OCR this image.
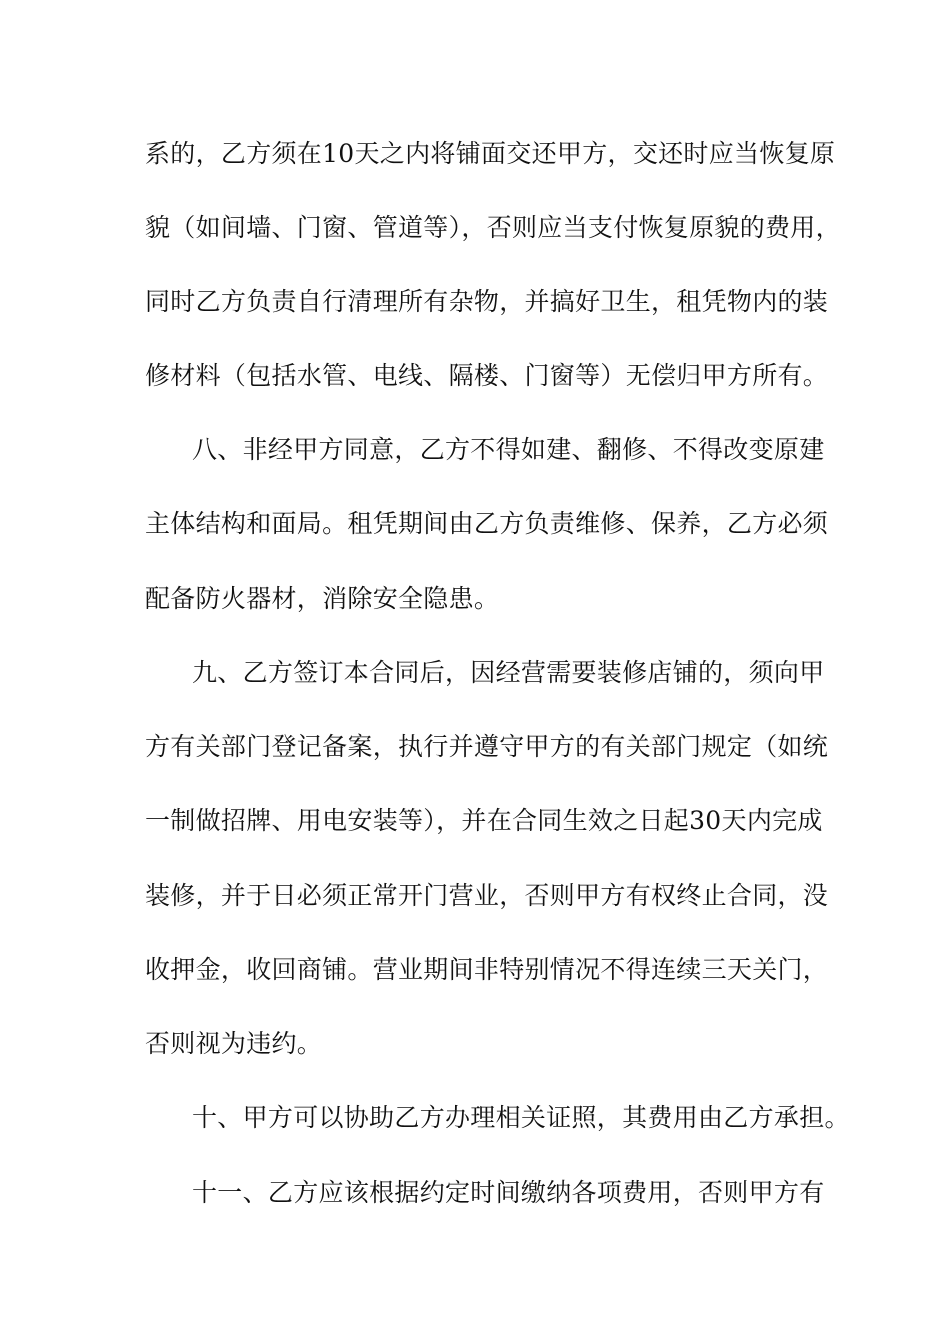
系的，乙方须在10天之内将铺面交还甲方，交还时应当恢复原
貌（如间墙、门窗、管道等），否则应当支付恢复原貌的费用，
同时乙方负责自行清理所有杂物，并搞好卫生，租凭物内的装
修材料（包括水管、电线、隔楼、门窗等）无偿归甲方所有。
八、非经甲方同意，乙方不得如建、翻修、不得改变原建
主体结构和面局。租凭期间由乙方负责维修、保养，乙方必须
配备防火器材，消除安全隐患。
九、乙方签订本合同后，因经营需要装修店铺的，须向甲
方有关部门登记备案，执行并遵守甲方的有关部门规定（如统
一制做招牌、用电安装等），并在合同生效之日起30天内完成
装修，并于日必须正常开门营业，否则甲方有权终止合同，没
收押金，收回商铺。营业期间非特别情况不得连续三天关门，
否则视为违约。
十、甲方可以协助乙方办理相关证照，其费用由乙方承担。
十一、乙方应该根据约定时间缴纳各项费用，否则甲方有
